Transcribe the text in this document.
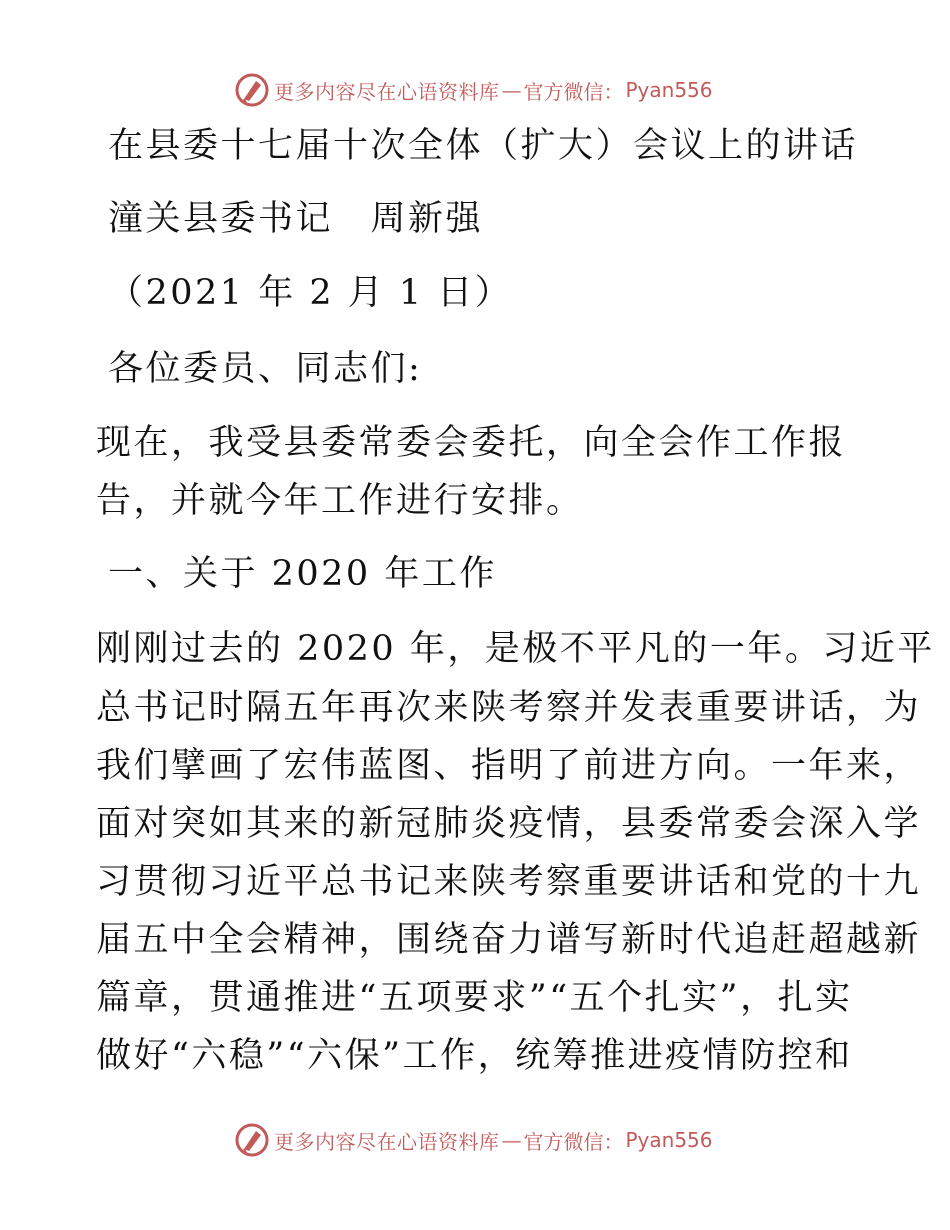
更多内容尽在心语资料库 — 官方微信： Pyan556
在县委十七届十次全体（扩大）会议上的讲话
潼关县委书记　周新强
（2021 年 2 月 1 日）
各位委员、同志们:
现在，我受县委常委会委托，向全会作工作报
告，并就今年工作进行安排。
一、关于 2020 年工作
刚刚过去的 2020 年，是极不平凡的一年。习近平
总书记时隔五年再次来陕考察并发表重要讲话，为
我们擘画了宏伟蓝图、指明了前进方向。一年来，
面对突如其来的新冠肺炎疫情，县委常委会深入学
习贯彻习近平总书记来陕考察重要讲话和党的十九
届五中全会精神，围绕奋力谱写新时代追赶超越新
篇章，贯通推进“五项要求”“五个扎实”，扎实
做好“六稳”“六保”工作，统筹推进疫情防控和
更多内容尽在心语资料库 — 官方微信： Pyan556
